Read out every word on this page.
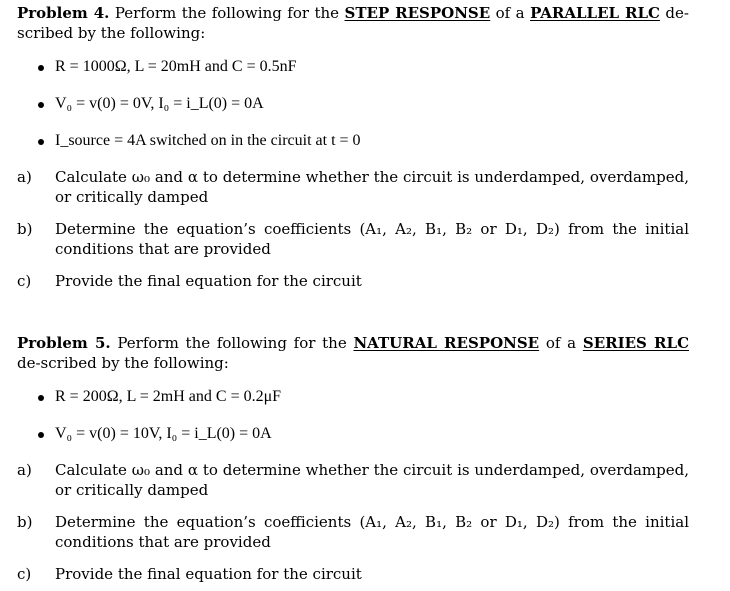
Problem 4. Perform the following for the STEP RESPONSE of a PARALLEL RLC de-scribed by the following:
R = 1000Ω, L = 20mH and C = 0.5nF
V₀ = v(0) = 0V, I₀ = i_L(0) = 0A
I_source = 4A switched on in the circuit at t = 0
a) Calculate ω₀ and α to determine whether the circuit is underdamped, overdamped, or critically damped
b) Determine the equation’s coefficients (A₁, A₂, B₁, B₂ or D₁, D₂) from the initial conditions that are provided
c) Provide the final equation for the circuit
Problem 5. Perform the following for the NATURAL RESPONSE of a SERIES RLC de-scribed by the following:
R = 200Ω, L = 2mH and C = 0.2μF
V₀ = v(0) = 10V, I₀ = i_L(0) = 0A
a) Calculate ω₀ and α to determine whether the circuit is underdamped, overdamped, or critically damped
b) Determine the equation’s coefficients (A₁, A₂, B₁, B₂ or D₁, D₂) from the initial conditions that are provided
c) Provide the final equation for the circuit
